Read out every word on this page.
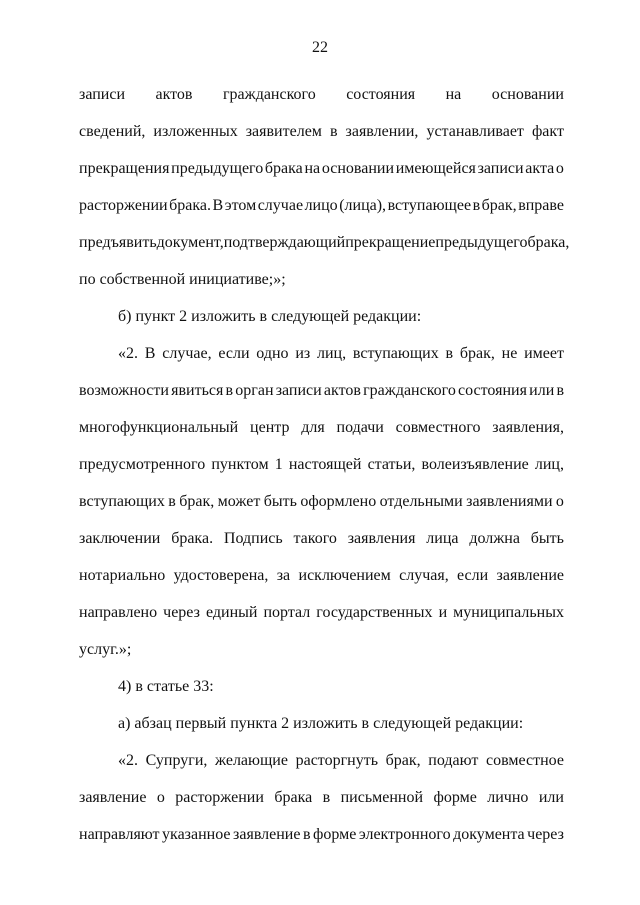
22
записи актов гражданского состояния на основании
сведений, изложенных заявителем в заявлении, устанавливает факт
прекращения предыдущего брака на основании имеющейся записи акта о
расторжении брака. В этом случае лицо (лица), вступающее в брак, вправе
предъявить документ, подтверждающий прекращение предыдущего брака,
по собственной инициативе;»;
б) пункт 2 изложить в следующей редакции:
«2. В случае, если одно из лиц, вступающих в брак, не имеет
возможности явиться в орган записи актов гражданского состояния или в
многофункциональный центр для подачи совместного заявления,
предусмотренного пунктом 1 настоящей статьи, волеизъявление лиц,
вступающих в брак, может быть оформлено отдельными заявлениями о
заключении брака. Подпись такого заявления лица должна быть
нотариально удостоверена, за исключением случая, если заявление
направлено через единый портал государственных и муниципальных
услуг.»;
4) в статье 33:
а) абзац первый пункта 2 изложить в следующей редакции:
«2. Супруги, желающие расторгнуть брак, подают совместное
заявление о расторжении брака в письменной форме лично или
направляют указанное заявление в форме электронного документа через
